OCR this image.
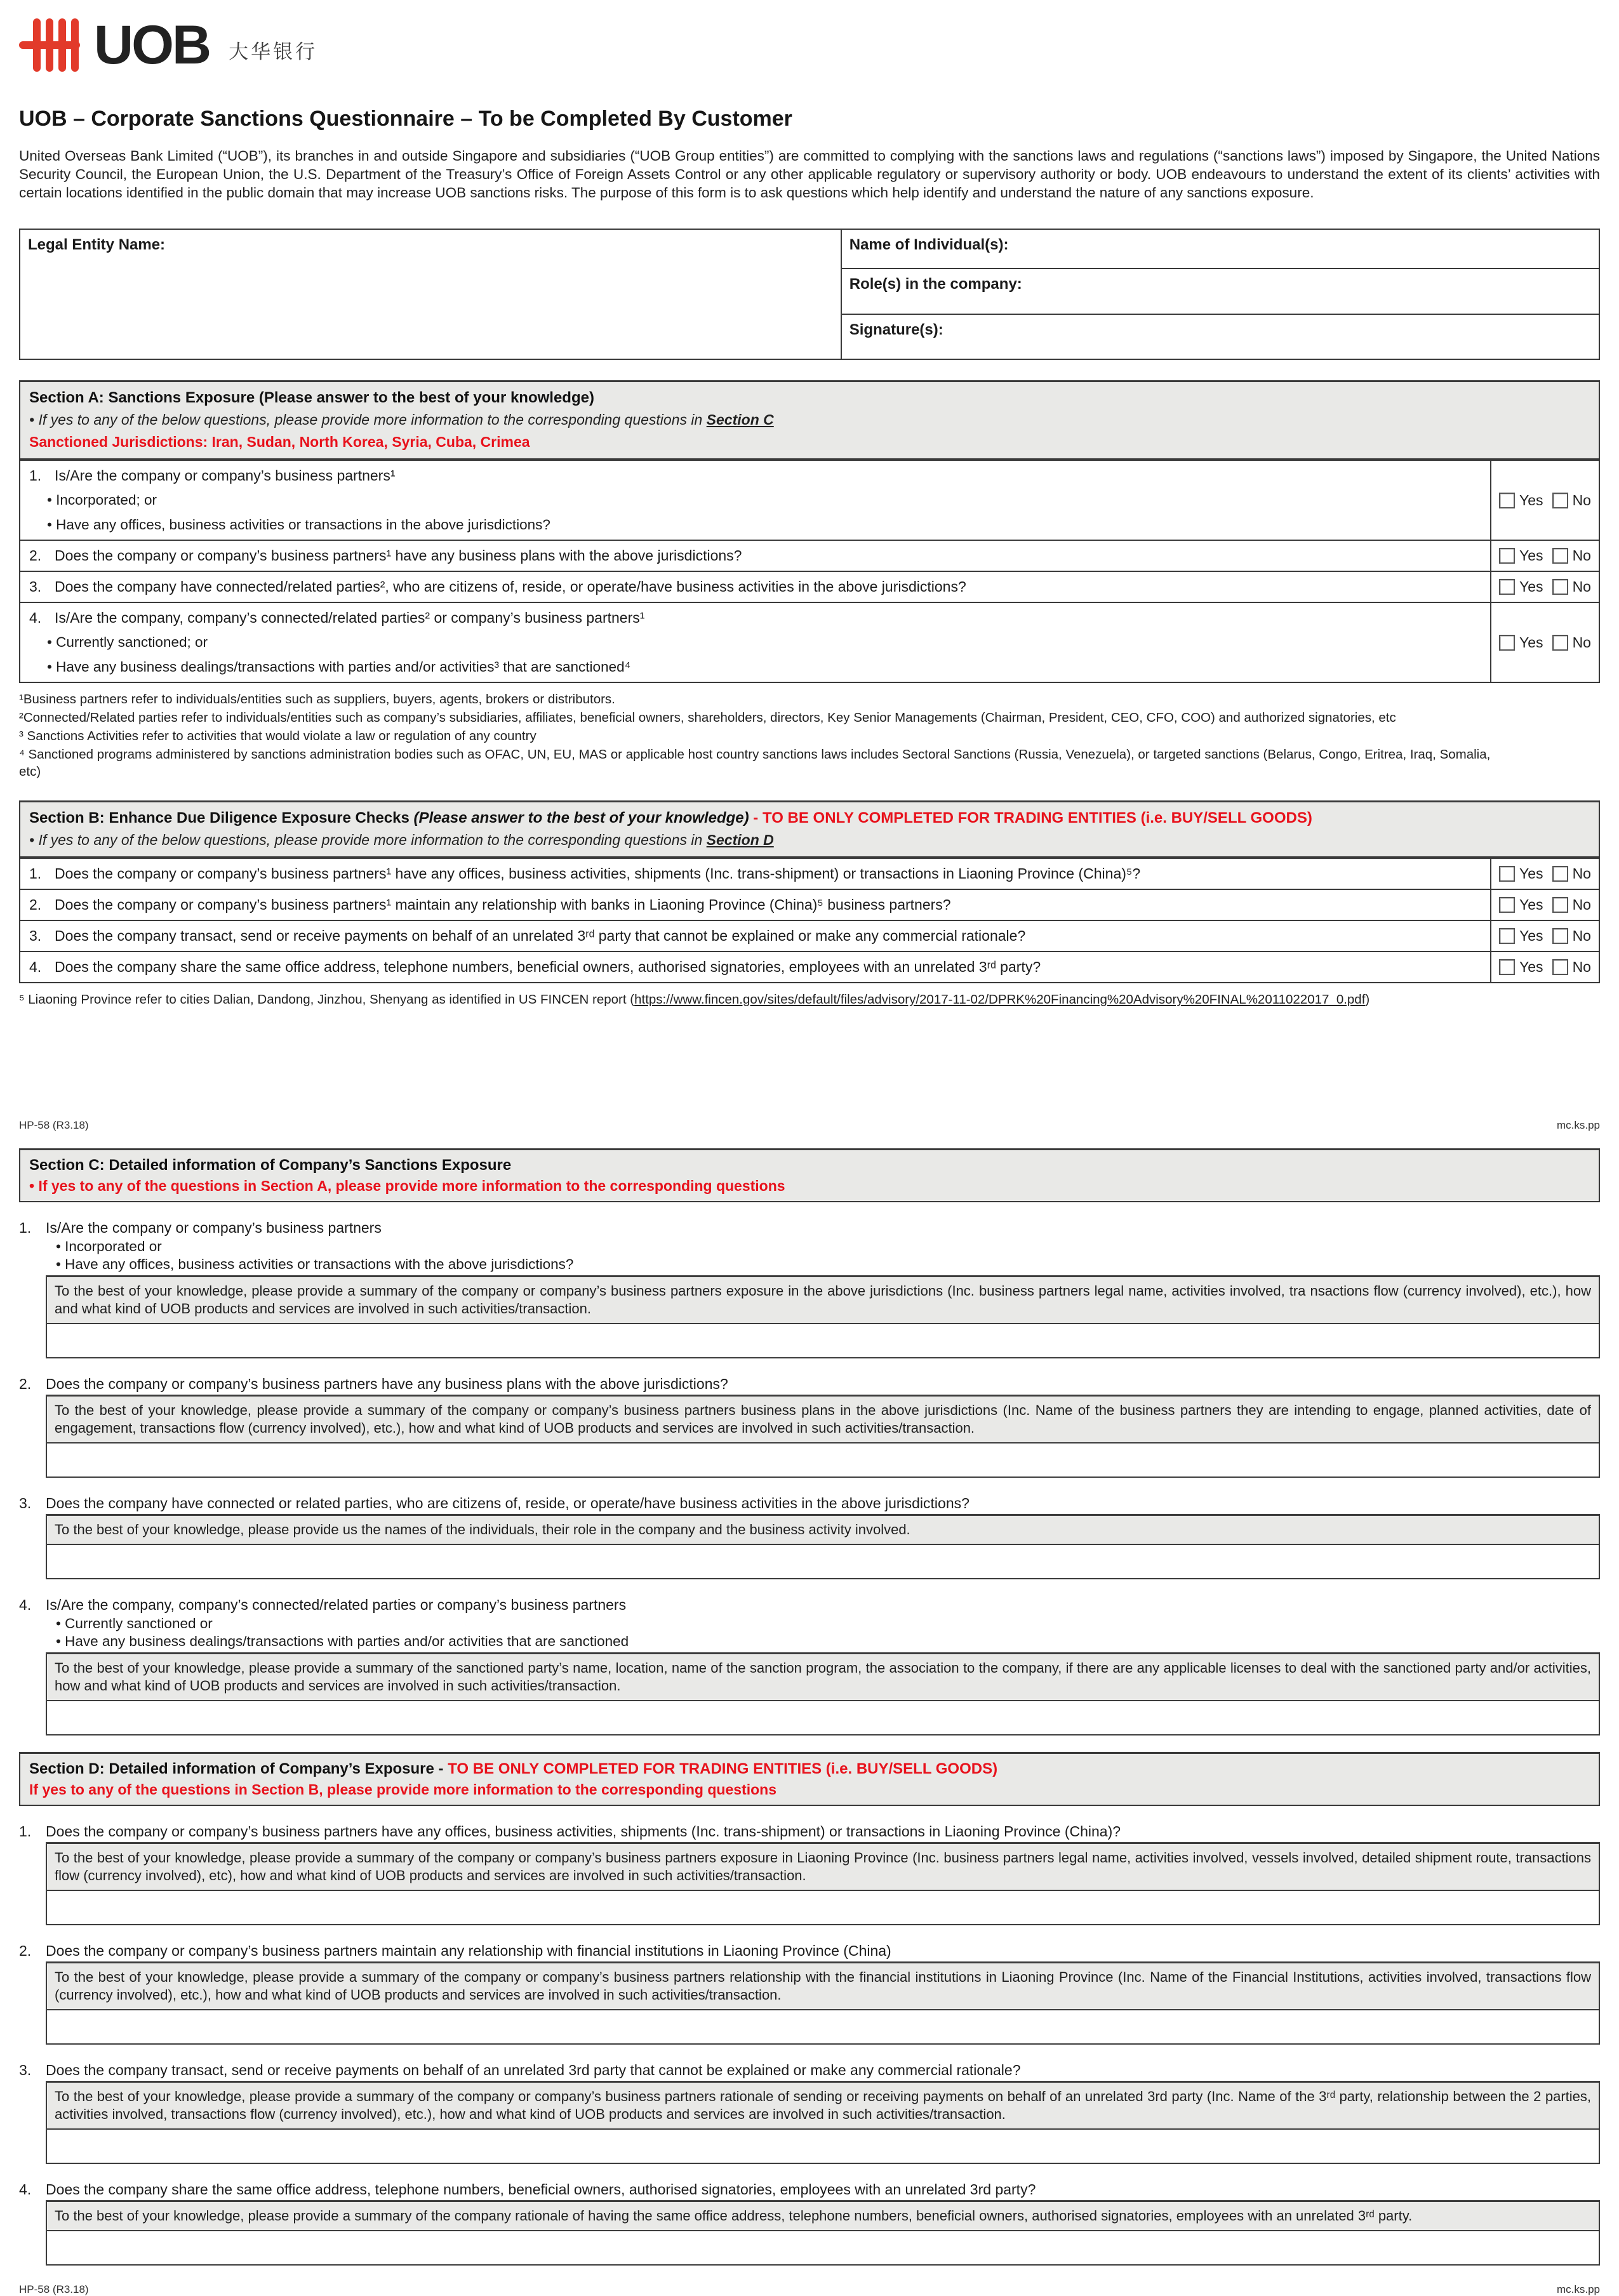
UOB 大华银行
UOB – Corporate Sanctions Questionnaire – To be Completed By Customer
United Overseas Bank Limited (“UOB”), its branches in and outside Singapore and subsidiaries (“UOB Group entities”) are committed to complying with the sanctions laws and regulations (“sanctions laws”) imposed by Singapore, the United Nations Security Council, the European Union, the U.S. Department of the Treasury’s Office of Foreign Assets Control or any other applicable regulatory or supervisory authority or body. UOB endeavours to understand the extent of its clients’ activities with certain locations identified in the public domain that may increase UOB sanctions risks. The purpose of this form is to ask questions which help identify and understand the nature of any sanctions exposure.
Legal Entity Name:	Name of Individual(s):
Role(s) in the company:
Signature(s):
Section A: Sanctions Exposure (Please answer to the best of your knowledge)
• If yes to any of the below questions, please provide more information to the corresponding questions in Section C
Sanctioned Jurisdictions: Iran, Sudan, North Korea, Syria, Cuba, Crimea
1. Is/Are the company or company’s business partners¹
• Incorporated; or
• Have any offices, business activities or transactions in the above jurisdictions?
Yes No
2. Does the company or company’s business partners¹ have any business plans with the above jurisdictions?	Yes No
3. Does the company have connected/related parties², who are citizens of, reside, or operate/have business activities in the above jurisdictions?	Yes No
4. Is/Are the company, company’s connected/related parties² or company’s business partners¹
• Currently sanctioned; or
• Have any business dealings/transactions with parties and/or activities³ that are sanctioned⁴
Yes No
¹Business partners refer to individuals/entities such as suppliers, buyers, agents, brokers or distributors.
²Connected/Related parties refer to individuals/entities such as company’s subsidiaries, affiliates, beneficial owners, shareholders, directors, Key Senior Managements (Chairman, President, CEO, CFO, COO) and authorized signatories, etc
³ Sanctions Activities refer to activities that would violate a law or regulation of any country
⁴ Sanctioned programs administered by sanctions administration bodies such as OFAC, UN, EU, MAS or applicable host country sanctions laws includes Sectoral Sanctions (Russia, Venezuela), or targeted sanctions (Belarus, Congo, Eritrea, Iraq, Somalia, etc)
Section B: Enhance Due Diligence Exposure Checks (Please answer to the best of your knowledge) - TO BE ONLY COMPLETED FOR TRADING ENTITIES (i.e. BUY/SELL GOODS)
• If yes to any of the below questions, please provide more information to the corresponding questions in Section D
1. Does the company or company’s business partners¹ have any offices, business activities, shipments (Inc. trans-shipment) or transactions in Liaoning Province (China)⁵?	Yes No
2. Does the company or company’s business partners¹ maintain any relationship with banks in Liaoning Province (China)⁵ business partners?	Yes No
3. Does the company transact, send or receive payments on behalf of an unrelated 3ʳᵈ party that cannot be explained or make any commercial rationale?	Yes No
4. Does the company share the same office address, telephone numbers, beneficial owners, authorised signatories, employees with an unrelated 3ʳᵈ party?	Yes No
⁵ Liaoning Province refer to cities Dalian, Dandong, Jinzhou, Shenyang as identified in US FINCEN report (https://www.fincen.gov/sites/default/files/advisory/2017-11-02/DPRK%20Financing%20Advisory%20FINAL%2011022017_0.pdf)
HP-58 (R3.18)	mc.ks.pp
Section C: Detailed information of Company’s Sanctions Exposure
• If yes to any of the questions in Section A, please provide more information to the corresponding questions
1. Is/Are the company or company’s business partners
• Incorporated or
• Have any offices, business activities or transactions with the above jurisdictions?
To the best of your knowledge, please provide a summary of the company or company’s business partners exposure in the above jurisdictions (Inc. business partners legal name, activities involved, tra nsactions flow (currency involved), etc.), how and what kind of UOB products and services are involved in such activities/transaction.
2. Does the company or company’s business partners have any business plans with the above jurisdictions?
To the best of your knowledge, please provide a summary of the company or company’s business partners business plans in the above jurisdictions (Inc. Name of the business partners they are intending to engage, planned activities, date of engagement, transactions flow (currency involved), etc.), how and what kind of UOB products and services are involved in such activities/transaction.
3. Does the company have connected or related parties, who are citizens of, reside, or operate/have business activities in the above jurisdictions?
To the best of your knowledge, please provide us the names of the individuals, their role in the company and the business activity involved.
4. Is/Are the company, company’s connected/related parties or company’s business partners
• Currently sanctioned or
• Have any business dealings/transactions with parties and/or activities that are sanctioned
To the best of your knowledge, please provide a summary of the sanctioned party’s name, location, name of the sanction program, the association to the company, if there are any applicable licenses to deal with the sanctioned party and/or activities, how and what kind of UOB products and services are involved in such activities/transaction.
Section D: Detailed information of Company’s Exposure - TO BE ONLY COMPLETED FOR TRADING ENTITIES (i.e. BUY/SELL GOODS)
If yes to any of the questions in Section B, please provide more information to the corresponding questions
1. Does the company or company’s business partners have any offices, business activities, shipments (Inc. trans-shipment) or transactions in Liaoning Province (China)?
To the best of your knowledge, please provide a summary of the company or company’s business partners exposure in Liaoning Province (Inc. business partners legal name, activities involved, vessels involved, detailed shipment route, transactions flow (currency involved), etc), how and what kind of UOB products and services are involved in such activities/transaction.
2. Does the company or company’s business partners maintain any relationship with financial institutions in Liaoning Province (China)
To the best of your knowledge, please provide a summary of the company or company’s business partners relationship with the financial institutions in Liaoning Province (Inc. Name of the Financial Institutions, activities involved, transactions flow (currency involved), etc.), how and what kind of UOB products and services are involved in such activities/transaction.
3. Does the company transact, send or receive payments on behalf of an unrelated 3rd party that cannot be explained or make any commercial rationale?
To the best of your knowledge, please provide a summary of the company or company’s business partners rationale of sending or receiving payments on behalf of an unrelated 3rd party (Inc. Name of the 3ʳᵈ party, relationship between the 2 parties, activities involved, transactions flow (currency involved), etc.), how and what kind of UOB products and services are involved in such activities/transaction.
4. Does the company share the same office address, telephone numbers, beneficial owners, authorised signatories, employees with an unrelated 3rd party?
To the best of your knowledge, please provide a summary of the company rationale of having the same office address, telephone numbers, beneficial owners, authorised signatories, employees with an unrelated 3ʳᵈ party.
HP-58 (R3.18)	mc.ks.pp
